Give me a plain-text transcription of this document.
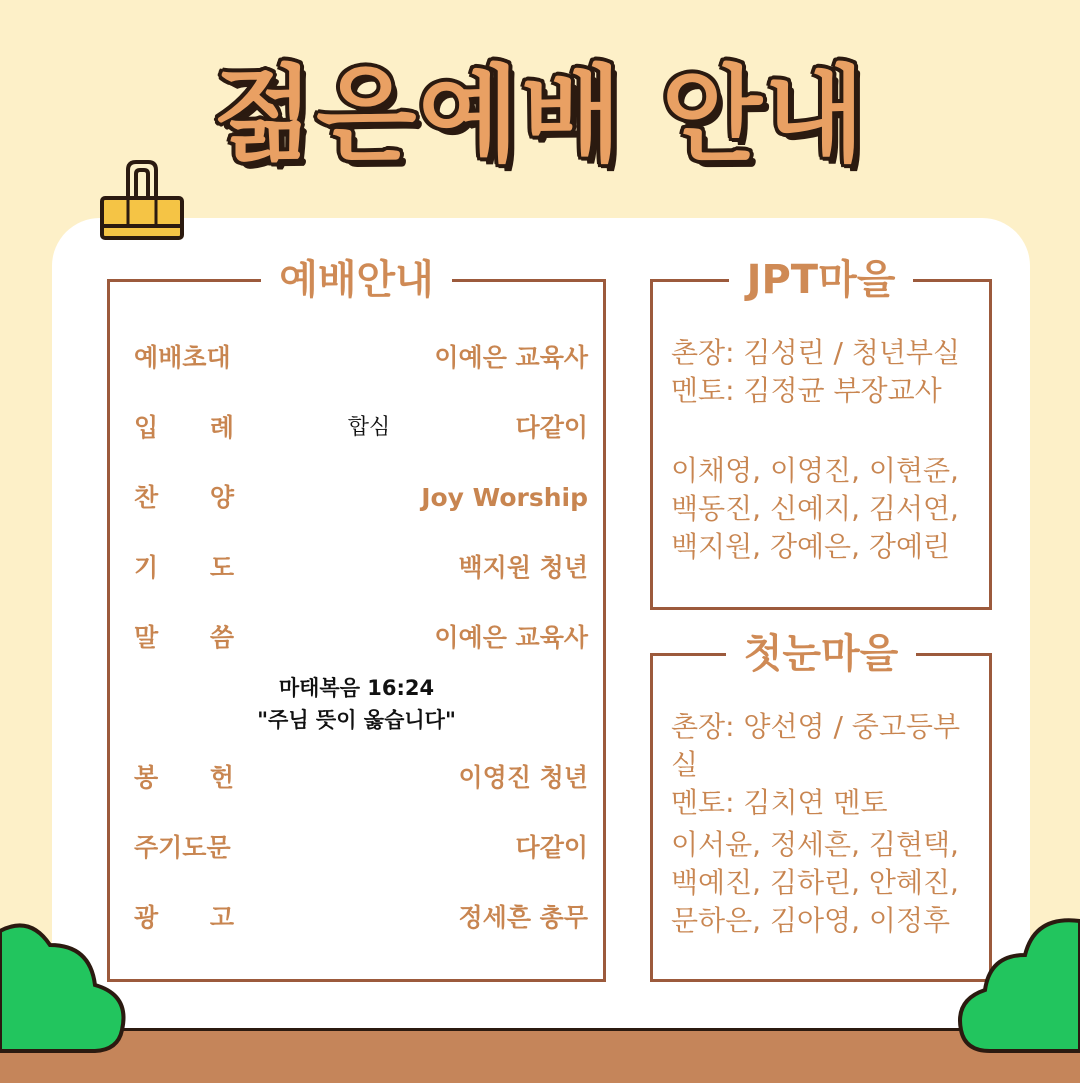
젊은예배 안내
예배안내
예배초대	이예은 교육사
입 례	합심	다같이
찬 양	Joy Worship
기 도	백지원 청년
말 씀	이예은 교육사
마태복음 16:24
"주님 뜻이 옳습니다"
봉 헌	이영진 청년
주기도문	다같이
광 고	정세흔 총무
JPT마을

촌장: 김성린 / 청년부실

멘토: 김정균 부장교사

이채영, 이영진, 이현준,

백동진, 신예지, 김서연,

백지원, 강예은, 강예린

첫눈마을

촌장: 양선영 / 중고등부실

멘토: 김치연 멘토

이서윤, 정세흔, 김현택,

백예진, 김하린, 안혜진,

문하은, 김아영, 이정후
